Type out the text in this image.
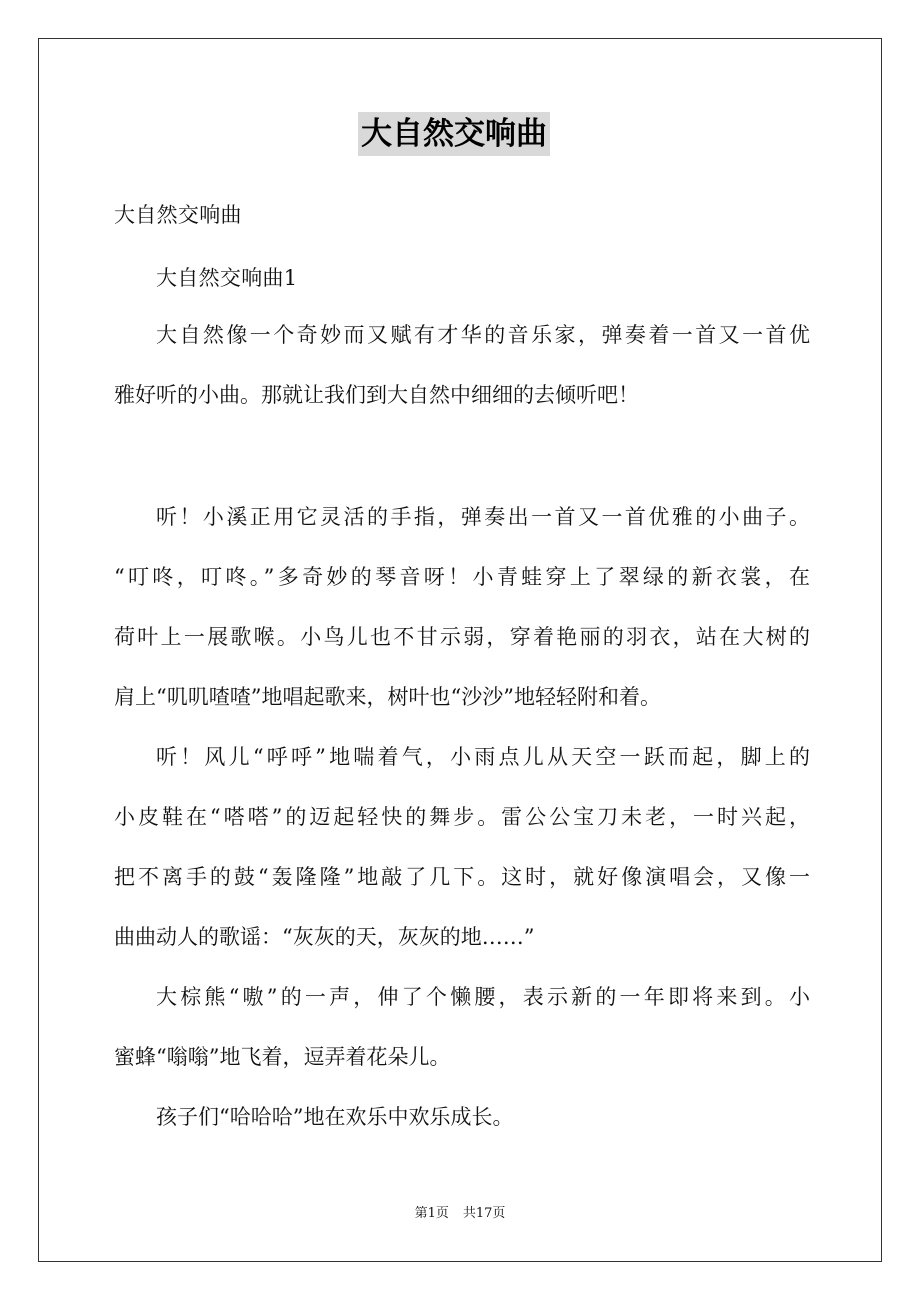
大自然交响曲
大自然交响曲
大自然交响曲1
大自然像一个奇妙而又赋有才华的音乐家，弹奏着一首又一首优
雅好听的小曲。那就让我们到大自然中细细的去倾听吧！
听！小溪正用它灵活的手指，弹奏出一首又一首优雅的小曲子。
“叮咚，叮咚。”多奇妙的琴音呀！小青蛙穿上了翠绿的新衣裳，在
荷叶上一展歌喉。小鸟儿也不甘示弱，穿着艳丽的羽衣，站在大树的
肩上“叽叽喳喳”地唱起歌来，树叶也“沙沙”地轻轻附和着。
听！风儿“呼呼”地喘着气，小雨点儿从天空一跃而起，脚上的
小皮鞋在“嗒嗒”的迈起轻快的舞步。雷公公宝刀未老，一时兴起，
把不离手的鼓“轰隆隆”地敲了几下。这时，就好像演唱会，又像一
曲曲动人的歌谣：“灰灰的天，灰灰的地……”
大棕熊“嗷”的一声，伸了个懒腰，表示新的一年即将来到。小
蜜蜂“嗡嗡”地飞着，逗弄着花朵儿。
孩子们“哈哈哈”地在欢乐中欢乐成长。
第1页 共17页
